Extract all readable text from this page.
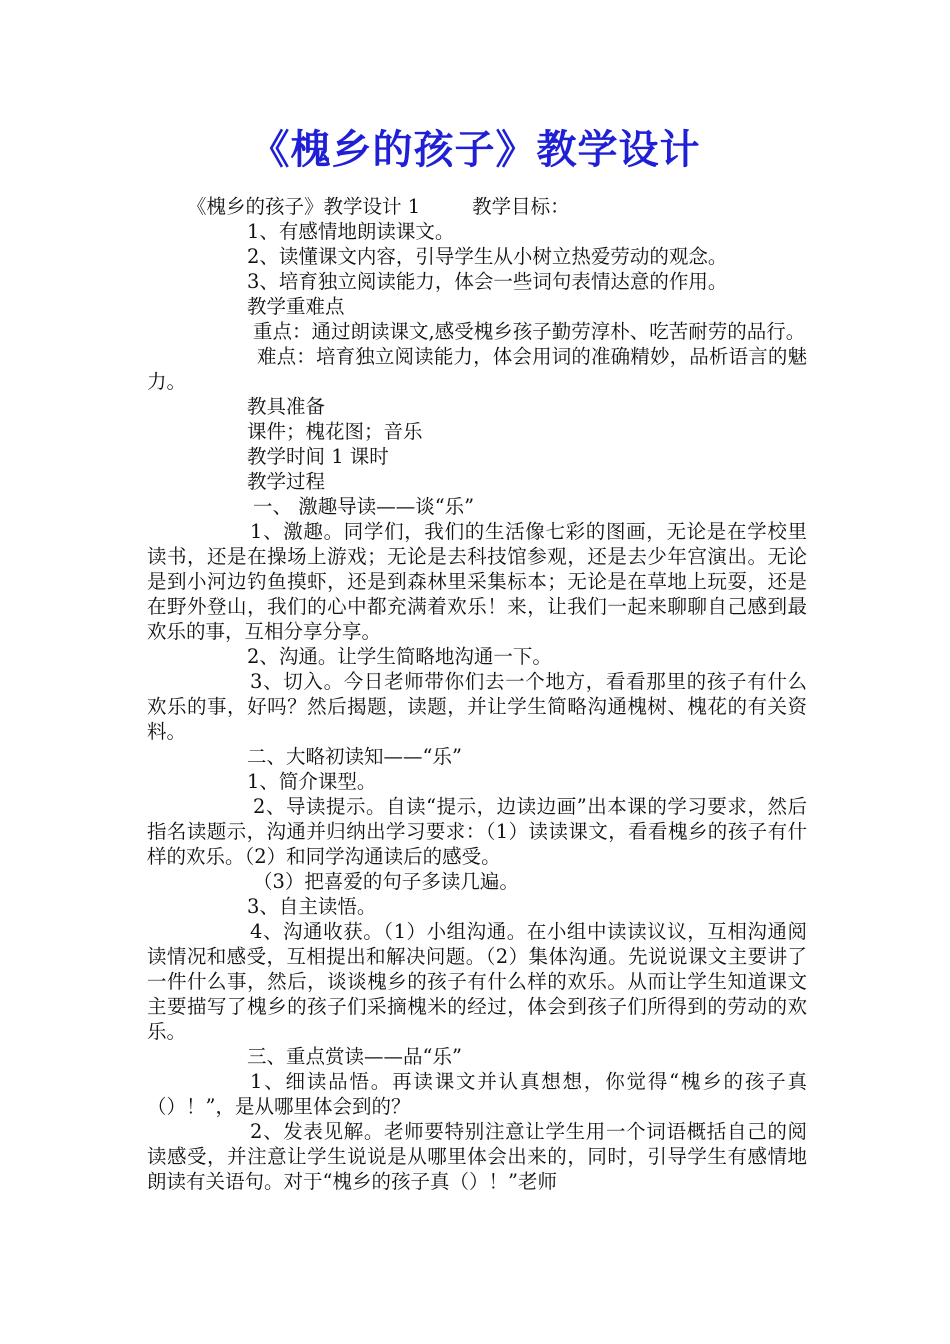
《槐乡的孩子》教学设计

《槐乡的孩子》教学设计 1	教学目标：

1、有感情地朗读课文。

2、读懂课文内容，引导学生从小树立热爱劳动的观念。

3、培育独立阅读能力，体会一些词句表情达意的作用。

教学重难点

重点：通过朗读课文,感受槐乡孩子勤劳淳朴、吃苦耐劳的品行。

难点：培育独立阅读能力，体会用词的准确精妙，品析语言的魅力。

教具准备

课件；槐花图；音乐

教学时间 1 课时

教学过程

一、 激趣导读——谈“乐”

1、激趣。同学们，我们的生活像七彩的图画，无论是在学校里读书，还是在操场上游戏；无论是去科技馆参观，还是去少年宫演出。无论是到小河边钓鱼摸虾，还是到森林里采集标本；无论是在草地上玩耍，还是在野外登山，我们的心中都充满着欢乐！来，让我们一起来聊聊自己感到最欢乐的事，互相分享分享。

2、沟通。让学生简略地沟通一下。

3、切入。今日老师带你们去一个地方，看看那里的孩子有什么欢乐的事，好吗？然后揭题，读题，并让学生简略沟通槐树、槐花的有关资料。

二、大略初读知——“乐”

1、简介课型。

2、导读提示。自读“提示，边读边画”出本课的学习要求，然后指名读题示，沟通并归纳出学习要求：（1）读读课文，看看槐乡的孩子有什样的欢乐。（2）和同学沟通读后的感受。

（3）把喜爱的句子多读几遍。

3、自主读悟。

4、沟通收获。（1）小组沟通。在小组中读读议议，互相沟通阅读情况和感受，互相提出和解决问题。（2）集体沟通。先说说课文主要讲了一件什么事，然后，谈谈槐乡的孩子有什么样的欢乐。从而让学生知道课文主要描写了槐乡的孩子们采摘槐米的经过，体会到孩子们所得到的劳动的欢乐。

三、重点赏读——品“乐”

1、细读品悟。再读课文并认真想想，你觉得“槐乡的孩子真（）！”，是从哪里体会到的？

2、发表见解。老师要特别注意让学生用一个词语概括自己的阅读感受，并注意让学生说说是从哪里体会出来的，同时，引导学生有感情地朗读有关语句。对于“槐乡的孩子真（）！”老师
